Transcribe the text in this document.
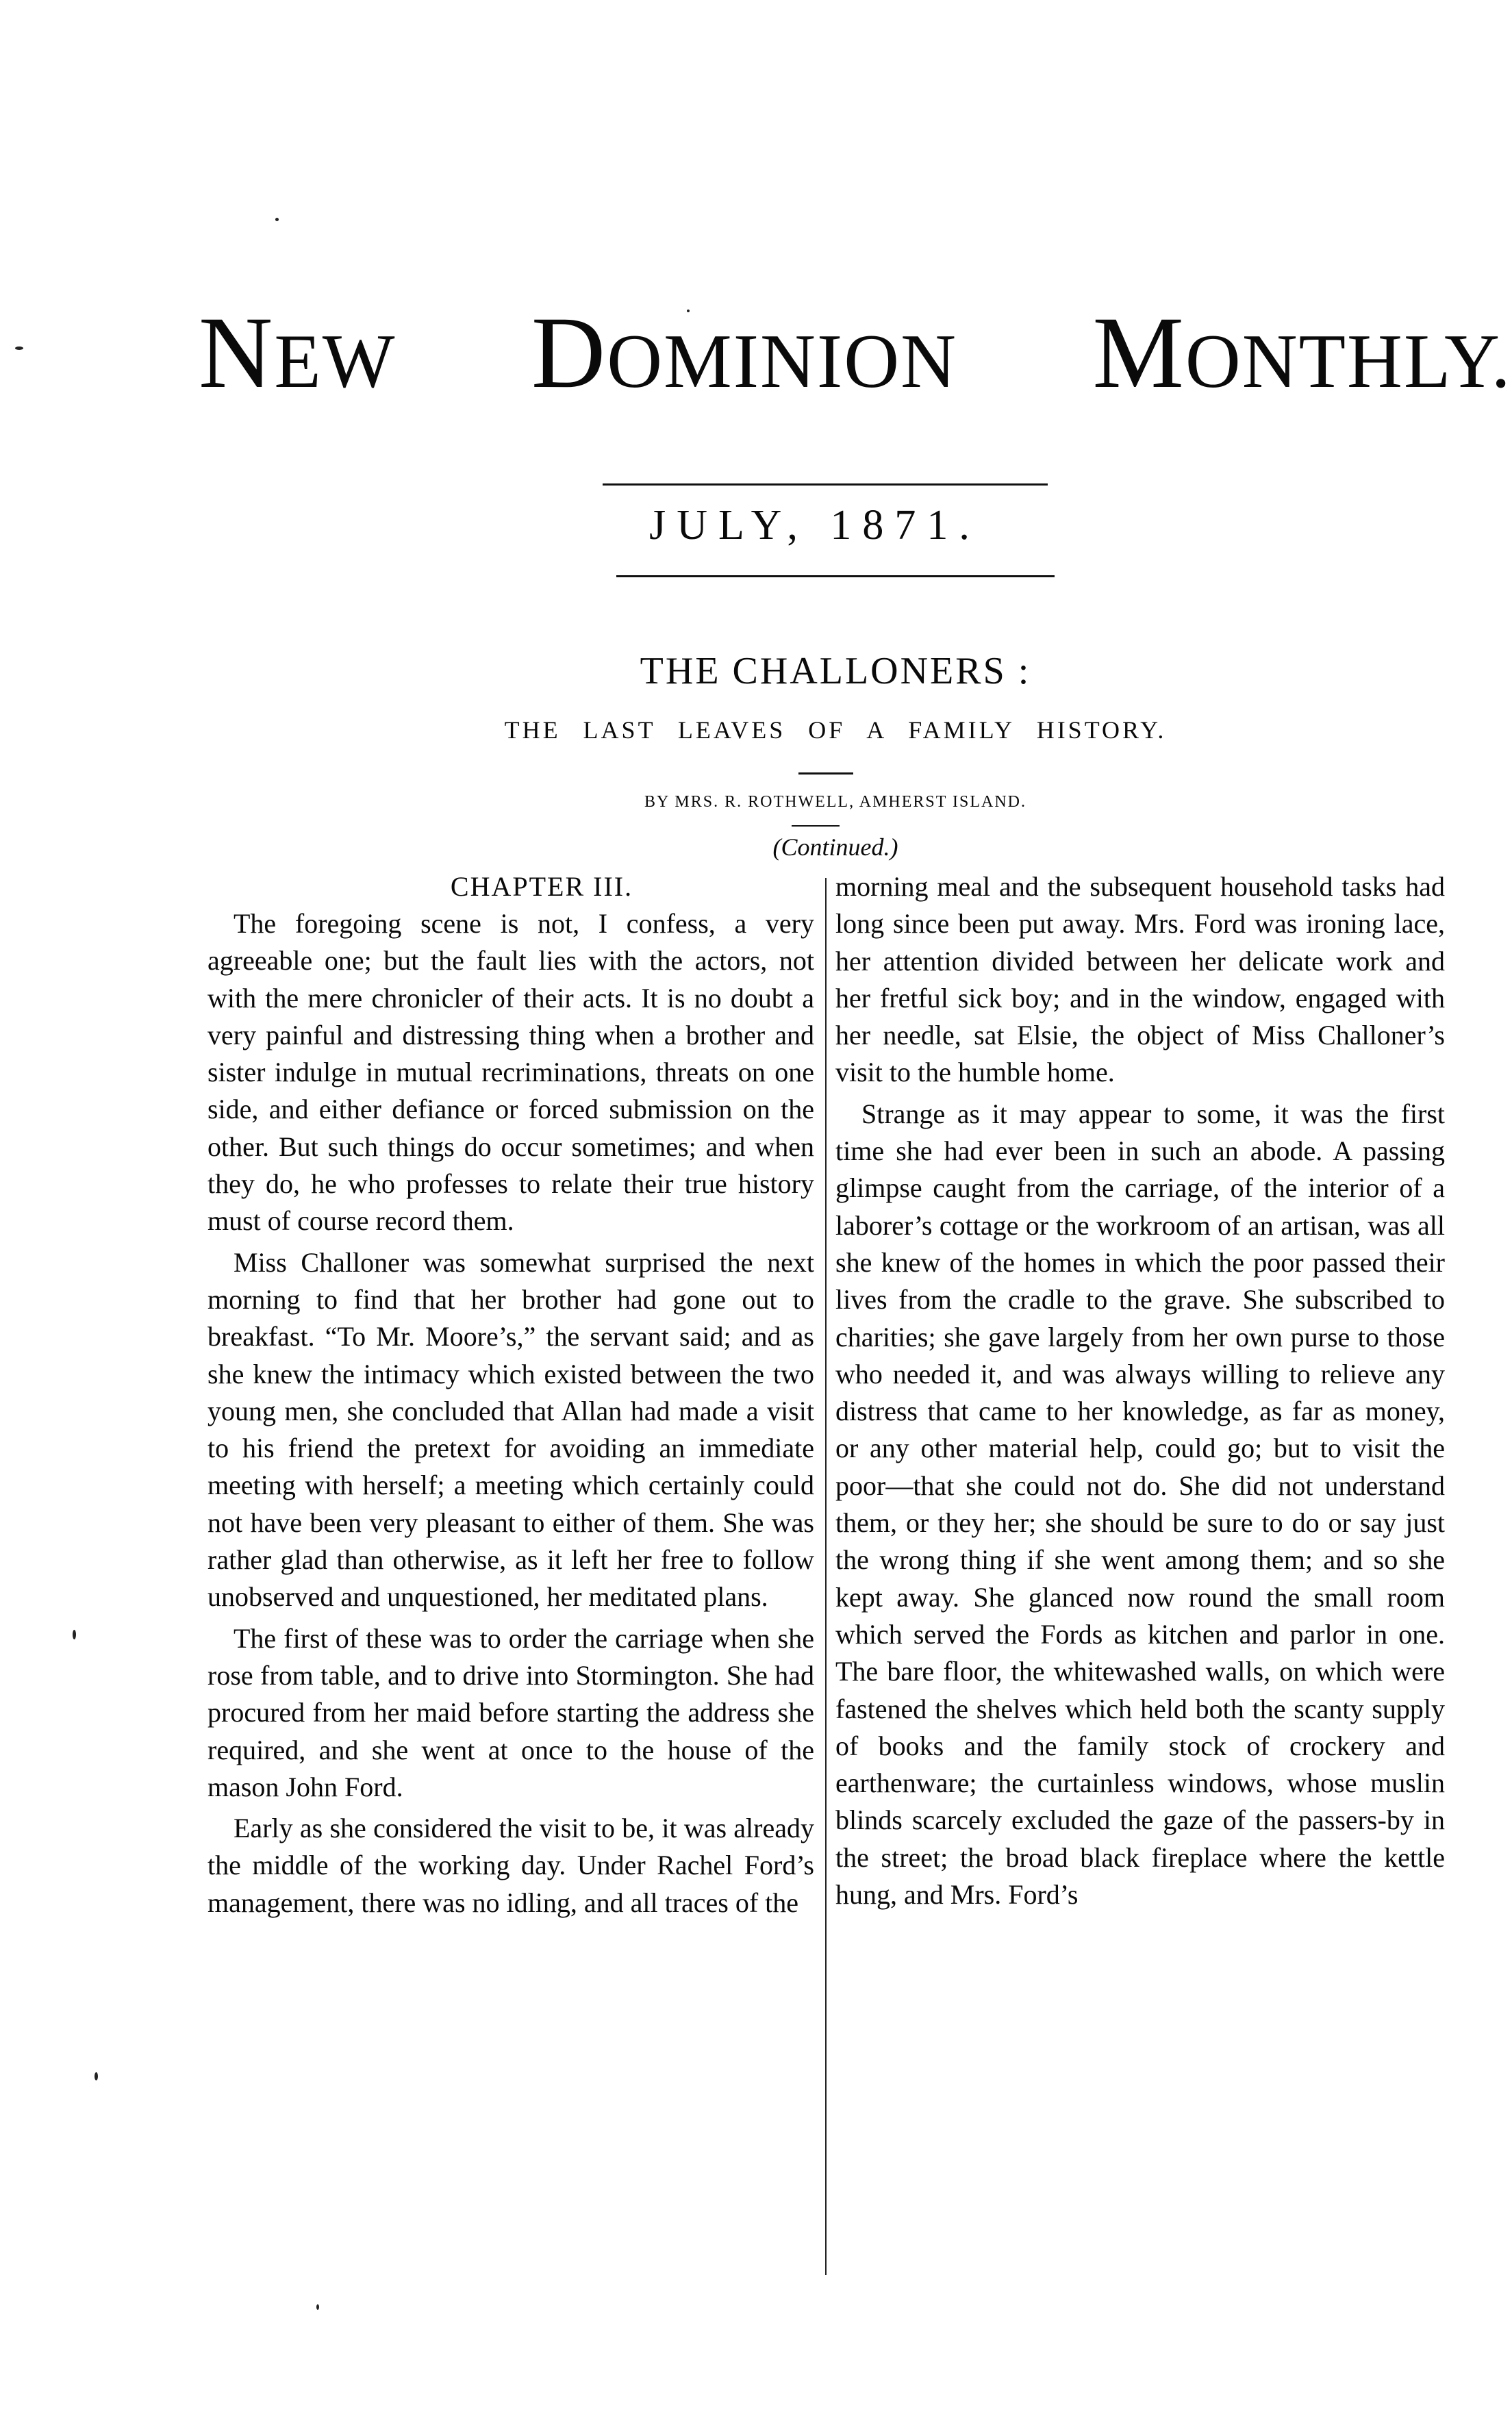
NEW DOMINION MONTHLY.
JULY, 1871.
THE CHALLONERS :
THE LAST LEAVES OF A FAMILY HISTORY.
BY MRS. R. ROTHWELL, AMHERST ISLAND.
(Continued.)
CHAPTER III.

The foregoing scene is not, I confess, a very agreeable one; but the fault lies with the actors, not with the mere chronicler of their acts. It is no doubt a very painful and distressing thing when a brother and sister indulge in mutual recriminations, threats on one side, and either defiance or forced submission on the other. But such things do occur sometimes; and when they do, he who professes to relate their true history must of course record them.

Miss Challoner was somewhat surprised the next morning to find that her brother had gone out to breakfast. “To Mr. Moore’s,” the servant said; and as she knew the intimacy which existed between the two young men, she concluded that Allan had made a visit to his friend the pretext for avoiding an immediate meeting with herself; a meeting which certainly could not have been very pleasant to either of them. She was rather glad than otherwise, as it left her free to follow unobserved and unquestioned, her meditated plans.

The first of these was to order the carriage when she rose from table, and to drive into Stormington. She had procured from her maid before starting the address she required, and she went at once to the house of the mason John Ford.

Early as she considered the visit to be, it was already the middle of the working day. Under Rachel Ford’s management, there was no idling, and all traces of the

morning meal and the subsequent household tasks had long since been put away. Mrs. Ford was ironing lace, her attention divided between her delicate work and her fretful sick boy; and in the window, engaged with her needle, sat Elsie, the object of Miss Challoner’s visit to the humble home.

Strange as it may appear to some, it was the first time she had ever been in such an abode. A passing glimpse caught from the carriage, of the interior of a laborer’s cottage or the workroom of an artisan, was all she knew of the homes in which the poor passed their lives from the cradle to the grave. She subscribed to charities; she gave largely from her own purse to those who needed it, and was always willing to relieve any distress that came to her knowledge, as far as money, or any other material help, could go; but to visit the poor—that she could not do. She did not understand them, or they her; she should be sure to do or say just the wrong thing if she went among them; and so she kept away. She glanced now round the small room which served the Fords as kitchen and parlor in one. The bare floor, the whitewashed walls, on which were fastened the shelves which held both the scanty supply of books and the family stock of crockery and earthenware; the curtainless windows, whose muslin blinds scarcely excluded the gaze of the passers-by in the street; the broad black fireplace where the kettle hung, and Mrs. Ford’s
